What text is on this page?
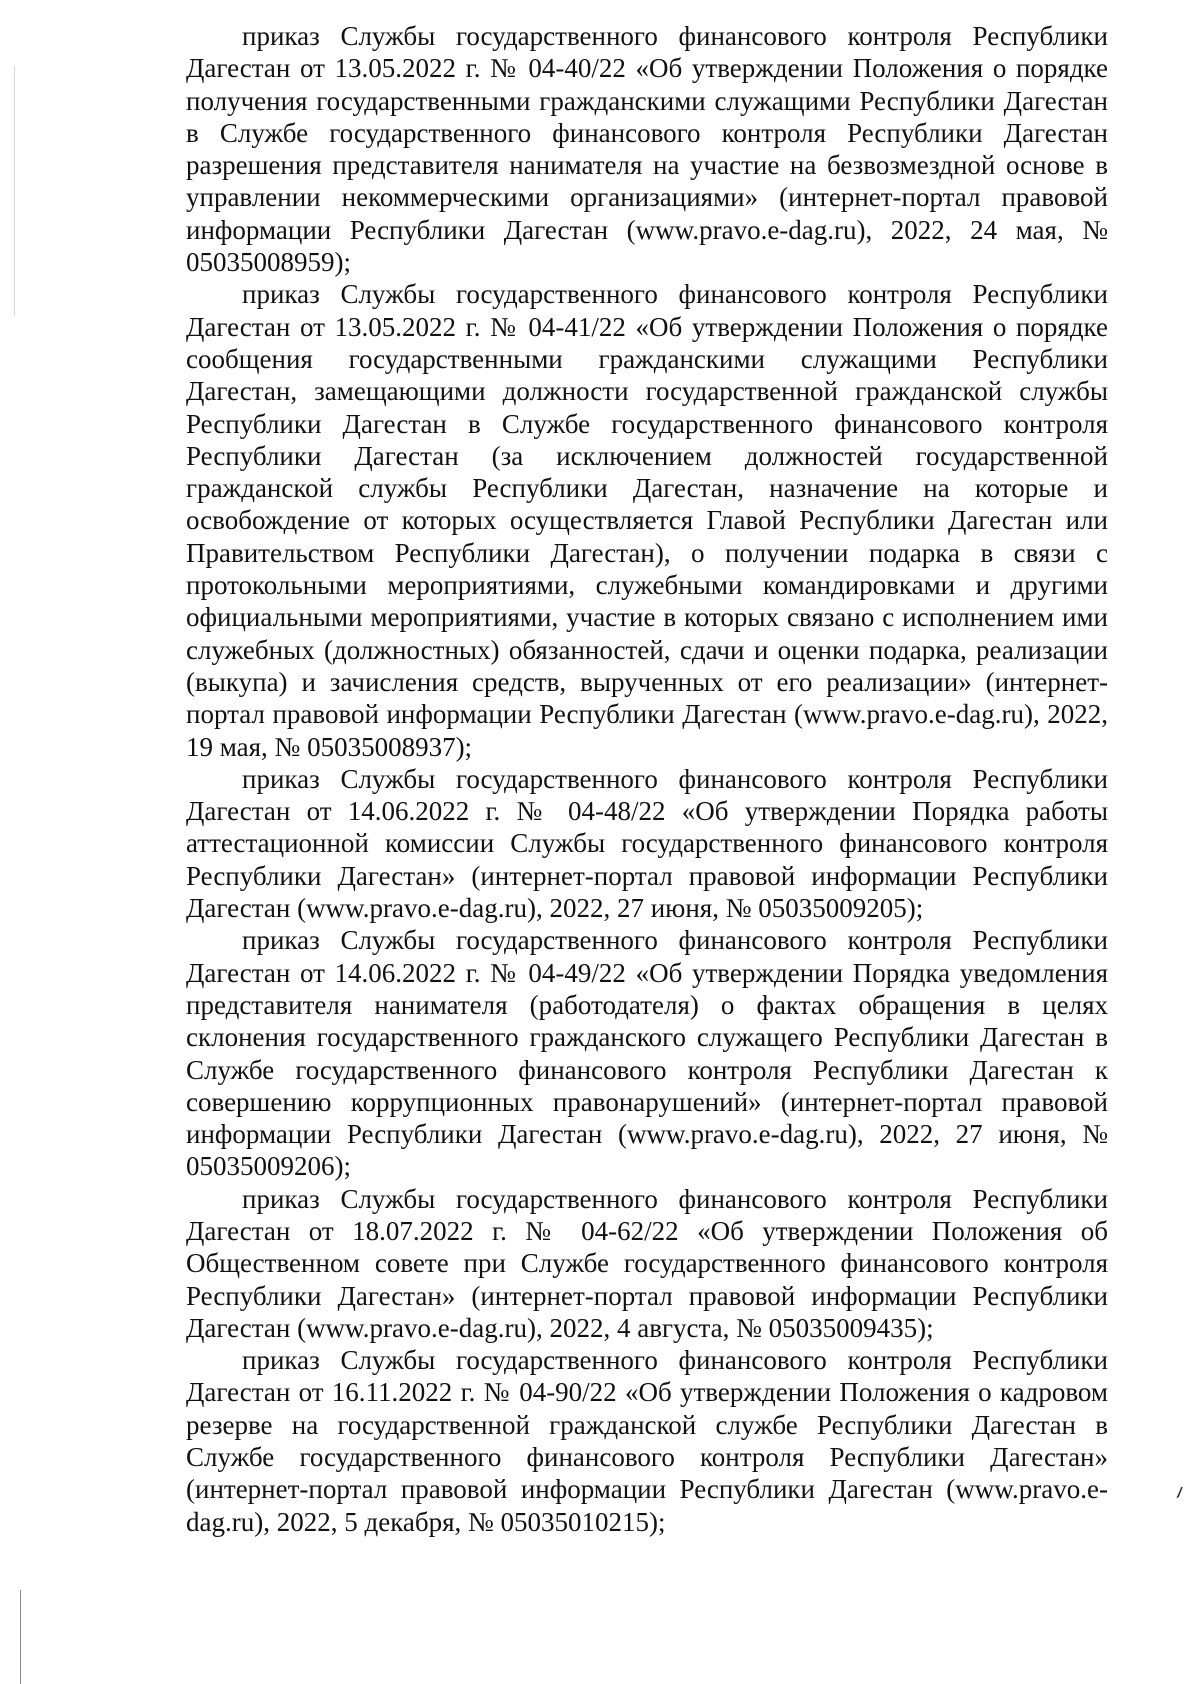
приказ Службы государственного финансового контроля Республики Дагестан от 13.05.2022 г. № 04-40/22 «Об утверждении Положения о порядке получения государственными гражданскими служащими Республики Дагестан в Службе государственного финансового контроля Республики Дагестан разрешения представителя нанимателя на участие на безвозмездной основе в управлении некоммерческими организациями» (интернет-портал правовой информации Республики Дагестан (www.pravo.e-dag.ru), 2022, 24 мая, № 05035008959);

приказ Службы государственного финансового контроля Республики Дагестан от 13.05.2022 г. № 04-41/22 «Об утверждении Положения о порядке сообщения государственными гражданскими служащими Республики Дагестан, замещающими должности государственной гражданской службы Республики Дагестан в Службе государственного финансового контроля Республики Дагестан (за исключением должностей государственной гражданской службы Республики Дагестан, назначение на которые и освобождение от которых осуществляется Главой Республики Дагестан или Правительством Республики Дагестан), о получении подарка в связи с протокольными мероприятиями, служебными командировками и другими официальными мероприятиями, участие в которых связано с исполнением ими служебных (должностных) обязанностей, сдачи и оценки подарка, реализации (выкупа) и зачисления средств, вырученных от его реализации» (интернет-портал правовой информации Республики Дагестан (www.pravo.e-dag.ru), 2022, 19 мая, № 05035008937);

приказ Службы государственного финансового контроля Республики Дагестан от 14.06.2022 г. № 04-48/22 «Об утверждении Порядка работы аттестационной комиссии Службы государственного финансового контроля Республики Дагестан» (интернет-портал правовой информации Республики Дагестан (www.pravo.e-dag.ru), 2022, 27 июня, № 05035009205);

приказ Службы государственного финансового контроля Республики Дагестан от 14.06.2022 г. № 04-49/22 «Об утверждении Порядка уведомления представителя нанимателя (работодателя) о фактах обращения в целях склонения государственного гражданского служащего Республики Дагестан в Службе государственного финансового контроля Республики Дагестан к совершению коррупционных правонарушений» (интернет-портал правовой информации Республики Дагестан (www.pravo.e-dag.ru), 2022, 27 июня, № 05035009206);

приказ Службы государственного финансового контроля Республики Дагестан от 18.07.2022 г. № 04-62/22 «Об утверждении Положения об Общественном совете при Службе государственного финансового контроля Республики Дагестан» (интернет-портал правовой информации Республики Дагестан (www.pravo.e-dag.ru), 2022, 4 августа, № 05035009435);

приказ Службы государственного финансового контроля Республики Дагестан от 16.11.2022 г. № 04-90/22 «Об утверждении Положения о кадровом резерве на государственной гражданской службе Республики Дагестан в Службе государственного финансового контроля Республики Дагестан» (интернет-портал правовой информации Республики Дагестан (www.pravo.e-dag.ru), 2022, 5 декабря, № 05035010215);
